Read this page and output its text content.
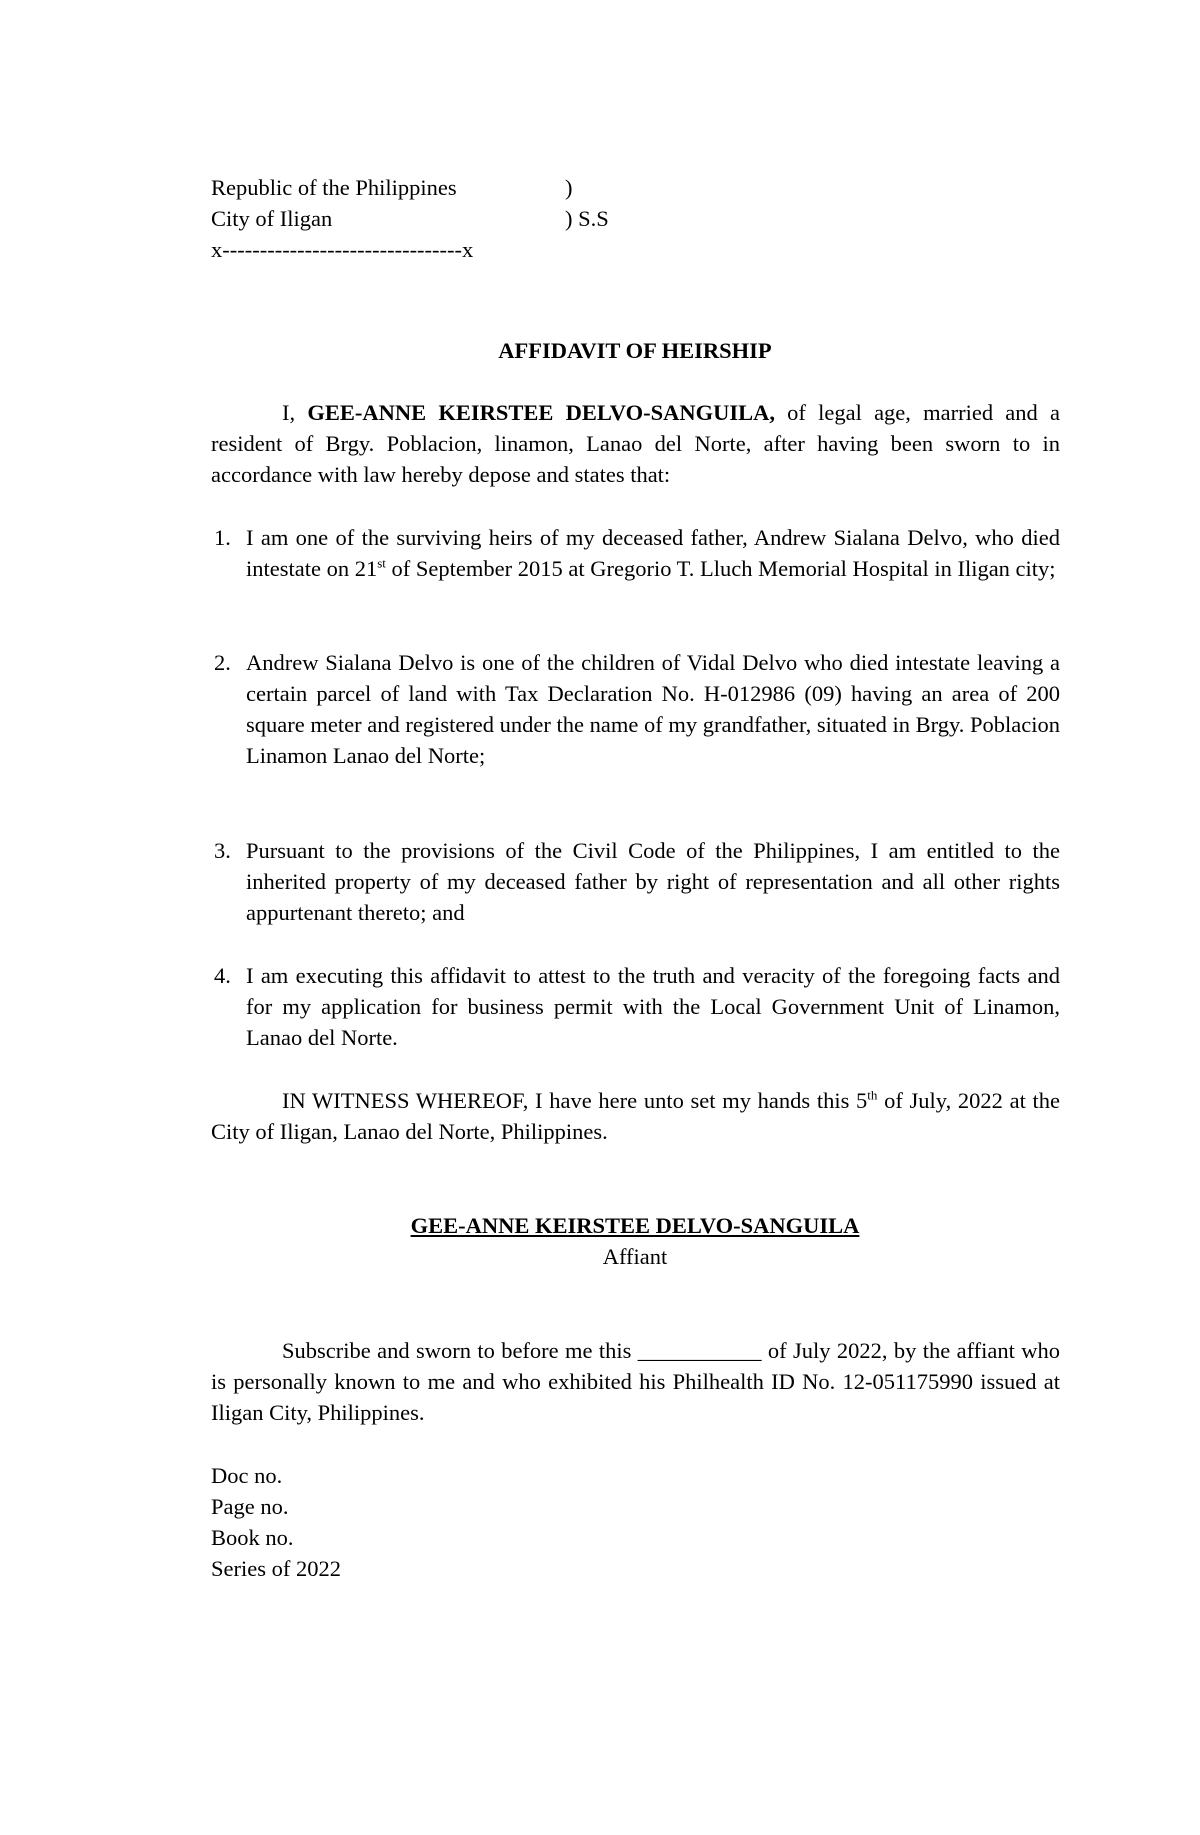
Republic of the Philippines	)
City of Iligan	) S.S
x--------------------------------x
AFFIDAVIT OF HEIRSHIP
I, GEE-ANNE KEIRSTEE DELVO-SANGUILA, of legal age, married and a resident of Brgy. Poblacion, linamon, Lanao del Norte, after having been sworn to in accordance with law hereby depose and states that:
1. I am one of the surviving heirs of my deceased father, Andrew Sialana Delvo, who died intestate on 21st of September 2015 at Gregorio T. Lluch Memorial Hospital in Iligan city;

2. Andrew Sialana Delvo is one of the children of Vidal Delvo who died intestate leaving a certain parcel of land with Tax Declaration No. H-012986 (09) having an area of 200 square meter and registered under the name of my grandfather, situated in Brgy. Poblacion Linamon Lanao del Norte;

3. Pursuant to the provisions of the Civil Code of the Philippines, I am entitled to the inherited property of my deceased father by right of representation and all other rights appurtenant thereto; and

4. I am executing this affidavit to attest to the truth and veracity of the foregoing facts and for my application for business permit with the Local Government Unit of Linamon, Lanao del Norte.

IN WITNESS WHEREOF, I have here unto set my hands this 5th of July, 2022 at the City of Iligan, Lanao del Norte, Philippines.
GEE-ANNE KEIRSTEE DELVO-SANGUILA
Affiant
Subscribe and sworn to before me this ___________ of July 2022, by the affiant who is personally known to me and who exhibited his Philhealth ID No. 12-051175990 issued at Iligan City, Philippines.
Doc no.
Page no.
Book no.
Series of 2022
